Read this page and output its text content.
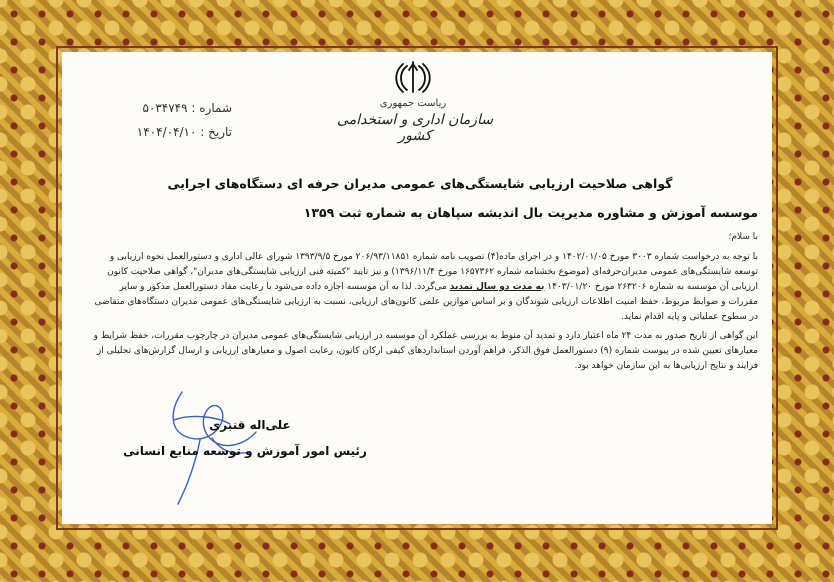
ریاست جمهوری
سازمان اداری و استخدامی کشور
شماره : ۵۰۳۴۷۴۹
تاریخ : ۱۴۰۴/۰۴/۱۰
گواهی صلاحیت ارزیابی شایستگی‌های عمومی مدیران حرفه ای دستگاه‌های اجرایی
موسسه آموزش و مشاوره مدیریت بال اندیشه سپاهان به شماره ثبت ۱۳۵۹
با سلام؛

با توجه به درخواست شماره ۳۰۰۳ مورخ ۱۴۰۲/۰۱/۰۵ و در اجرای ماده(۴) تصویب نامه شماره ۲۰۶/۹۳/۱۱۸۵۱ مورخ ۱۳۹۳/۹/۵ شورای عالی اداری و دستورالعمل نحوه ارزیابی و توسعه شایستگی‌های عمومی مدیران‌حرفه‌ای (موضوع بخشنامه شماره ۱۶۵۷۳۶۲ مورخ ۱۳۹۶/۱۱/۴) و نیز تایید "کمیته فنی ارزیابی شایستگی‌های مدیران"، گواهی صلاحیت کانون ارزیابی آن موسسه به شماره ۲۶۳۲۰۶ مورخ ۱۴۰۳/۰۱/۲۰ به مدت دو سال تمدید می‌گردد. لذا به آن موسسه اجازه داده می‌شود با رعایت مفاد دستورالعمل مذکور و سایر مقررات و ضوابط مربوط، حفظ امنیت اطلاعات ارزیابی شوندگان و بر اساس موازین علمی کانون‌های ارزیابی، نسبت به ارزیابی شایستگی‌های عمومی مدیران دستگاه‌های متقاضی در سطوح عملیاتی و پایه اقدام نماید.

این گواهی از تاریخ صدور به مدت ۲۴ ماه اعتبار دارد و تمدید آن منوط به بررسی عملکرد آن موسسه در ارزیابی شایستگی‌های عمومی مدیران در چارچوب مقررات، حفظ شرایط و معیارهای تعیین شده در پیوست شماره (۹) دستورالعمل فوق الذکر، فراهم آوردن استانداردهای کیفی ارکان کانون، رعایت اصول و معیارهای ارزیابی و ارسال گزارش‌های تحلیلی از فرایند و نتایج ارزیابی‌ها به این سازمان خواهد بود.

علی‌اله قنبری
رئیس امور آموزش و توسعه منابع انسانی
